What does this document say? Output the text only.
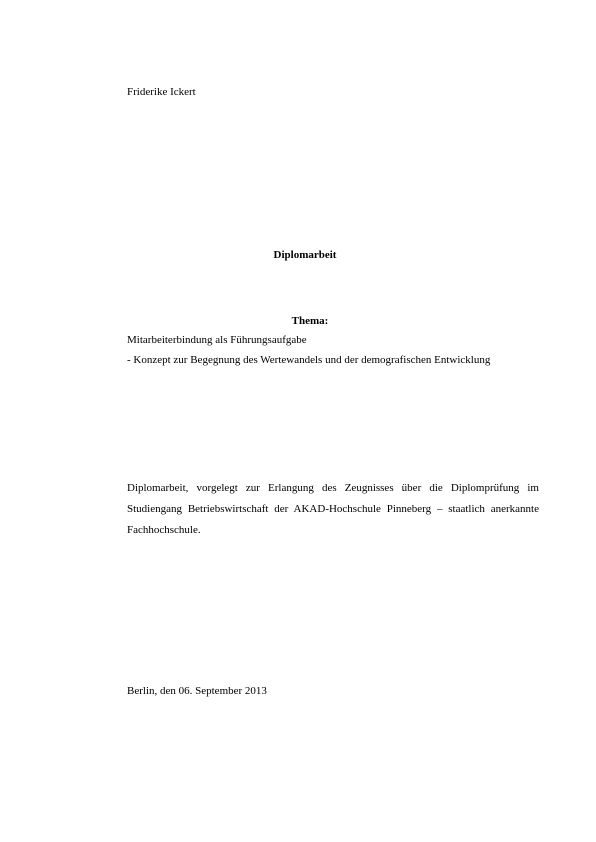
Friderike Ickert

Diplomarbeit

Thema:

Mitarbeiterbindung als Führungsaufgabe

- Konzept zur Begegnung des Wertewandels und der demografischen Entwicklung

Diplomarbeit, vorgelegt zur Erlangung des Zeugnisses über die Diplomprüfung im Studiengang Betriebswirtschaft der AKAD-Hochschule Pinneberg – staatlich anerkannte Fachhochschule.

Berlin, den 06. September 2013
